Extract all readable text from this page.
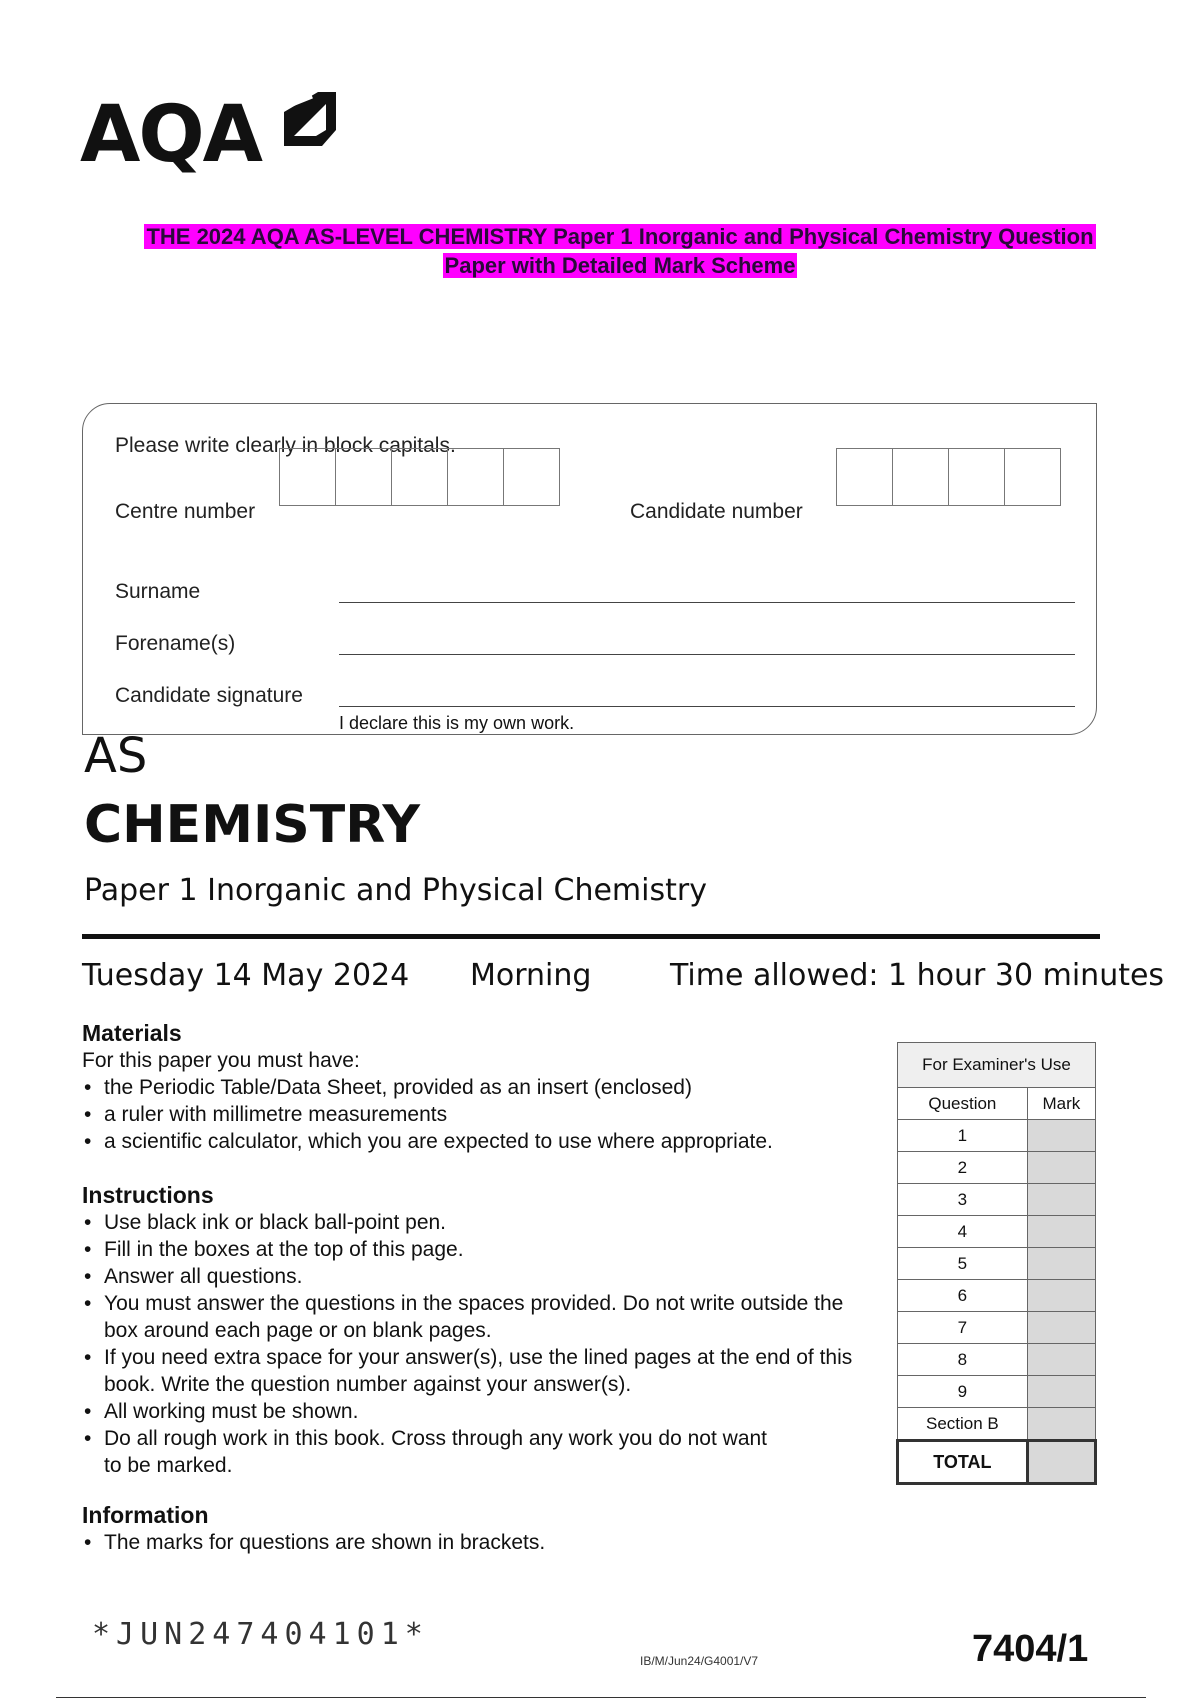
AQA
THE 2024 AQA AS-LEVEL CHEMISTRY Paper 1 Inorganic and Physical Chemistry Question
Paper with Detailed Mark Scheme
Please write clearly in block capitals.
Centre number	Candidate number
Surname
Forename(s)
Candidate signature
I declare this is my own work.
AS
CHEMISTRY
Paper 1 Inorganic and Physical Chemistry
Tuesday 14 May 2024 Morning	Time allowed: 1 hour 30 minutes
Materials
For this paper you must have:
• the Periodic Table/Data Sheet, provided as an insert (enclosed)
• a ruler with millimetre measurements
• a scientific calculator, which you are expected to use where appropriate.
Instructions
• Use black ink or black ball-point pen.
• Fill in the boxes at the top of this page.
• Answer all questions.
• You must answer the questions in the spaces provided. Do not write outside the box around each page or on blank pages.
• If you need extra space for your answer(s), use the lined pages at the end of this book. Write the question number against your answer(s).
• All working must be shown.
• Do all rough work in this book. Cross through any work you do not want to be marked.
Information
• The marks for questions are shown in brackets.
For Examiner's Use	
Question	Mark
1	
2	
3	
4	
5	
6	
7	
8	
9	
Section B	
TOTAL	
*JUN247404101*
IB/M/Jun24/G4001/V7	7404/1
